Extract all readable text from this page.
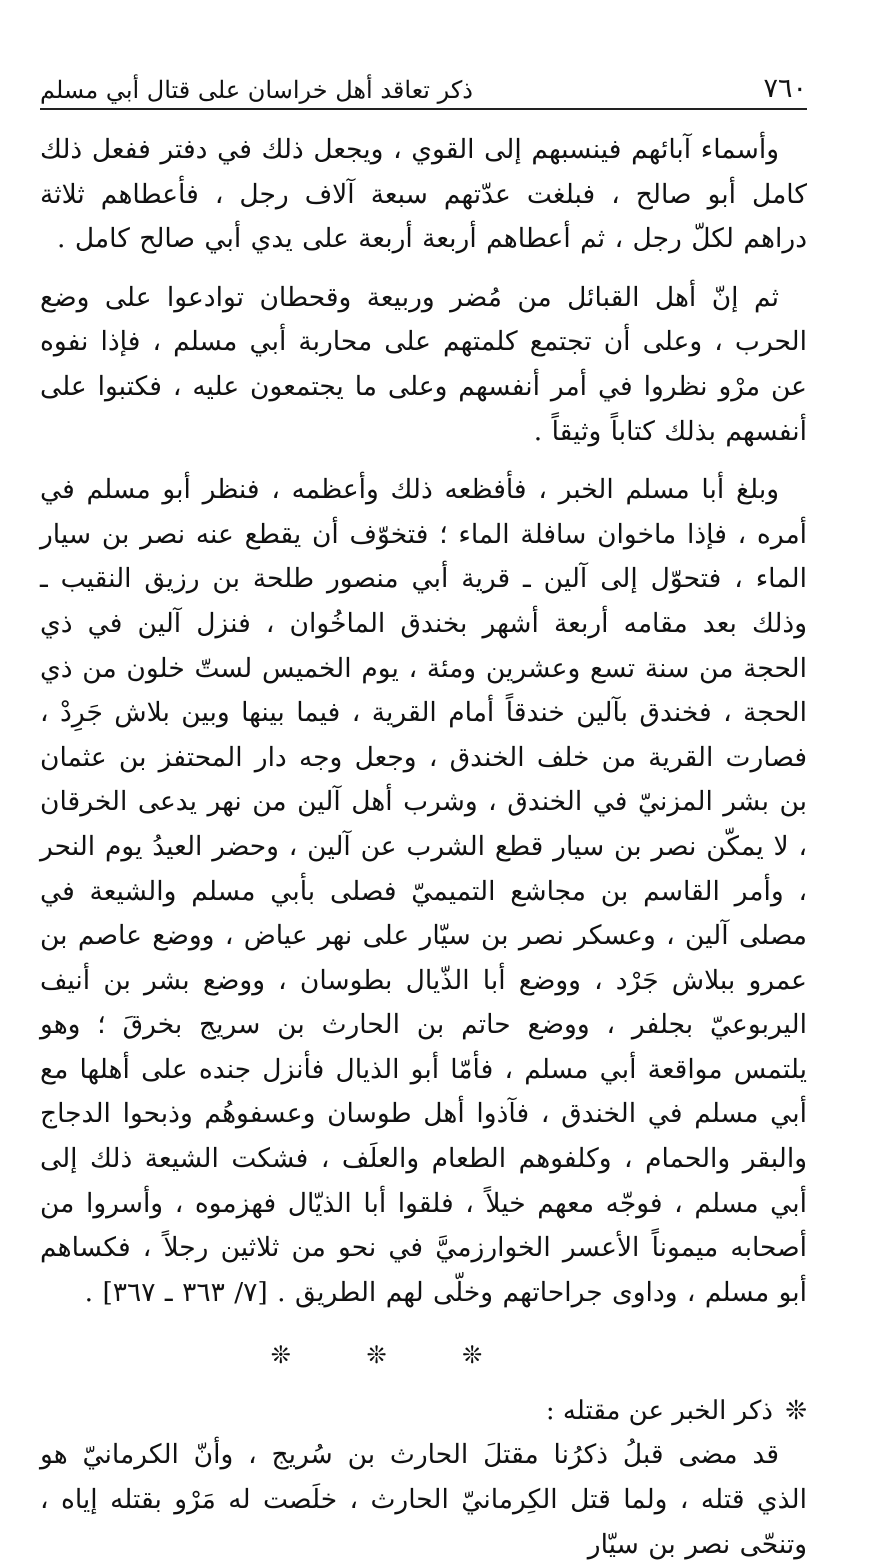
٧٦٠
ذكر تعاقد أهل خراسان على قتال أبي مسلم

وأسماء آبائهم فينسبهم إلى القوي ، ويجعل ذلك في دفتر ففعل ذلك كامل أبو صالح ، فبلغت عدّتهم سبعة آلاف رجل ، فأعطاهم ثلاثة دراهم لكلّ رجل ، ثم أعطاهم أربعة أربعة على يدي أبي صالح كامل .

ثم إنّ أهل القبائل من مُضر وربيعة وقحطان توادعوا على وضع الحرب ، وعلى أن تجتمع كلمتهم على محاربة أبي مسلم ، فإذا نفوه عن مرْو نظروا في أمر أنفسهم وعلى ما يجتمعون عليه ، فكتبوا على أنفسهم بذلك كتاباً وثيقاً .

وبلغ أبا مسلم الخبر ، فأفظعه ذلك وأعظمه ، فنظر أبو مسلم في أمره ، فإذا ماخوان سافلة الماء ؛ فتخوّف أن يقطع عنه نصر بن سيار الماء ، فتحوّل إلى آلين ـ قرية أبي منصور طلحة بن رزيق النقيب ـ وذلك بعد مقامه أربعة أشهر بخندق الماخُوان ، فنزل آلين في ذي الحجة من سنة تسع وعشرين ومئة ، يوم الخميس لستّ خلون من ذي الحجة ، فخندق بآلين خندقاً أمام القرية ، فيما بينها وبين بلاش جَرِدْ ، فصارت القرية من خلف الخندق ، وجعل وجه دار المحتفز بن عثمان بن بشر المزنيّ في الخندق ، وشرب أهل آلين من نهر يدعى الخرقان ، لا يمكّن نصر بن سيار قطع الشرب عن آلين ، وحضر العيدُ يوم النحر ، وأمر القاسم بن مجاشع التميميّ فصلى بأبي مسلم والشيعة في مصلى آلين ، وعسكر نصر بن سيّار على نهر عياض ، ووضع عاصم بن عمرو ببلاش جَرْد ، ووضع أبا الذّيال بطوسان ، ووضع بشر بن أنيف اليربوعيّ بجلفر ، ووضع حاتم بن الحارث بن سريج بخرقَ ؛ وهو يلتمس مواقعة أبي مسلم ، فأمّا أبو الذيال فأنزل جنده على أهلها مع أبي مسلم في الخندق ، فآذوا أهل طوسان وعسفوهُم وذبحوا الدجاج والبقر والحمام ، وكلفوهم الطعام والعلَف ، فشكت الشيعة ذلك إلى أبي مسلم ، فوجّه معهم خيلاً ، فلقوا أبا الذيّال فهزموه ، وأسروا من أصحابه ميموناً الأعسر الخوارزميَّ في نحو من ثلاثين رجلاً ، فكساهم أبو مسلم ، وداوى جراحاتهم وخلّى لهم الطريق . [٧/ ٣٦٣ ـ ٣٦٧] .

❊ ❊ ❊
❊ ذكر الخبر عن مقتله :

قد مضى قبلُ ذكرُنا مقتلَ الحارث بن سُريج ، وأنّ الكرمانيّ هو الذي قتله ، ولما قتل الكِرمانيّ الحارث ، خلَصت له مَرْو بقتله إياه ، وتنحّى نصر بن سيّار
